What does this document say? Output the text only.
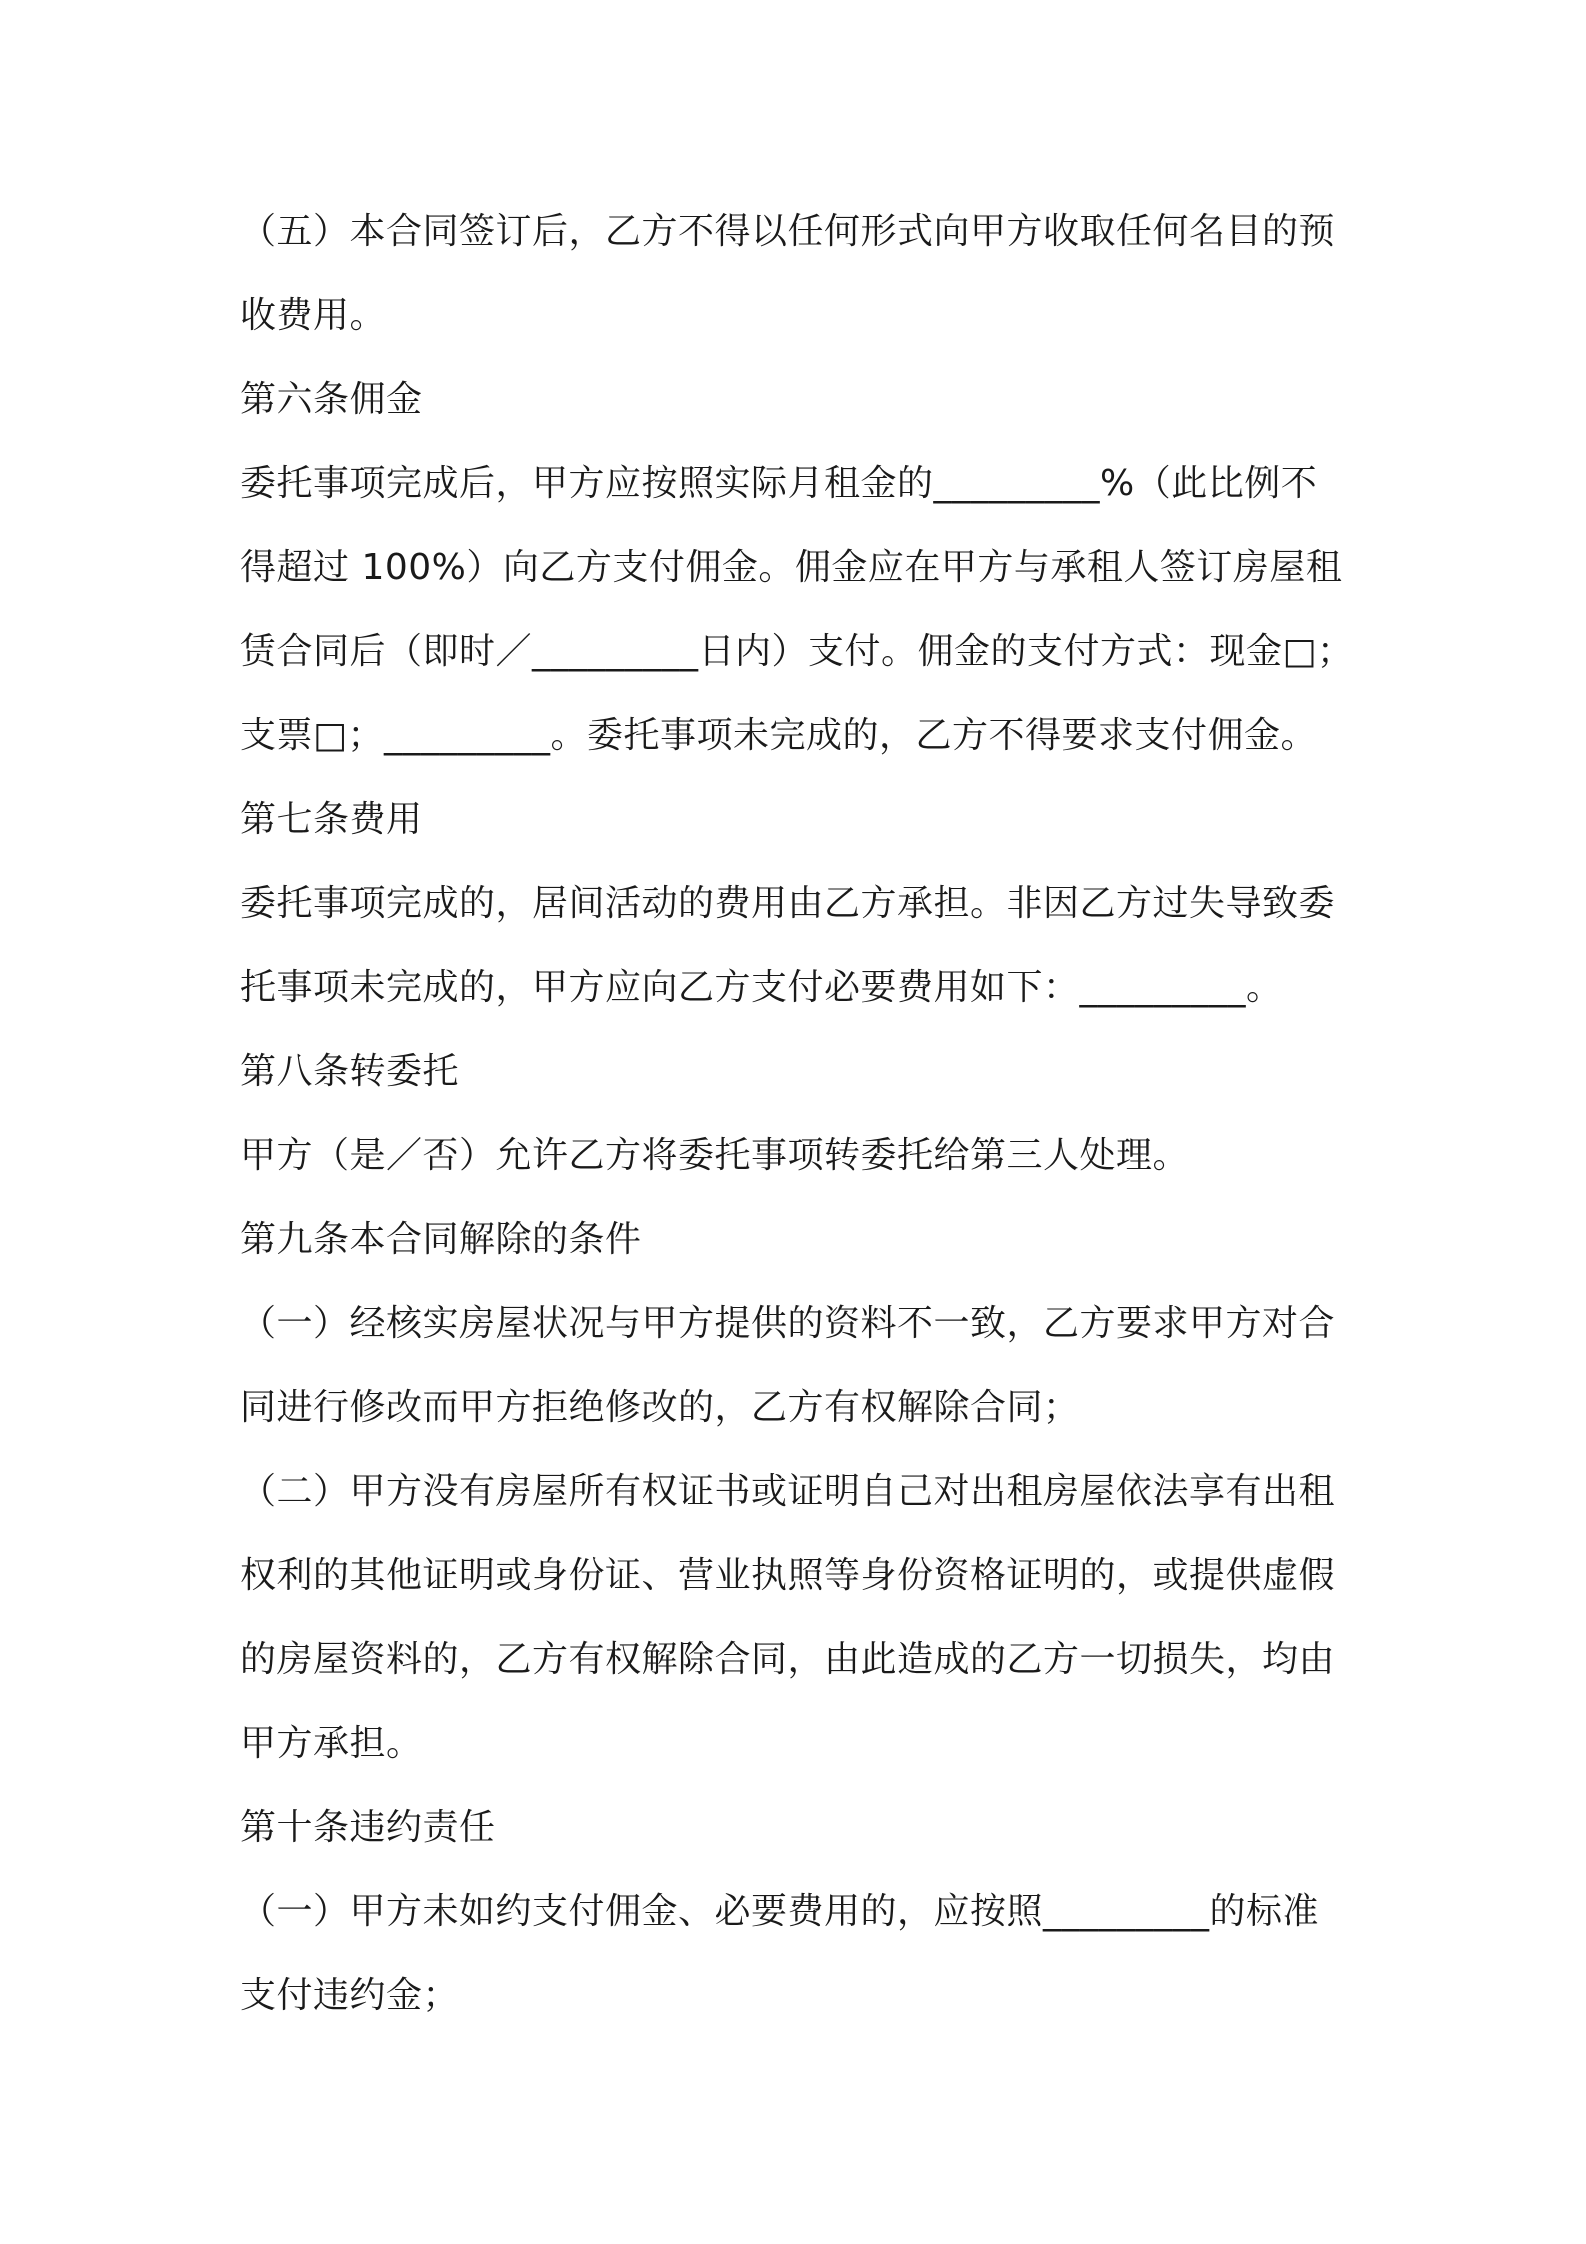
（五）本合同签订后，乙方不得以任何形式向甲方收取任何名目的预
收费用。
第六条佣金
委托事项完成后，甲方应按照实际月租金的_________%（此比例不
得超过 100%）向乙方支付佣金。佣金应在甲方与承租人签订房屋租
赁合同后（即时／_________日内）支付。佣金的支付方式：现金□；
支票□；_________。委托事项未完成的，乙方不得要求支付佣金。
第七条费用
委托事项完成的，居间活动的费用由乙方承担。非因乙方过失导致委
托事项未完成的，甲方应向乙方支付必要费用如下：_________。
第八条转委托
甲方（是／否）允许乙方将委托事项转委托给第三人处理。
第九条本合同解除的条件
（一）经核实房屋状况与甲方提供的资料不一致，乙方要求甲方对合
同进行修改而甲方拒绝修改的，乙方有权解除合同；
（二）甲方没有房屋所有权证书或证明自己对出租房屋依法享有出租
权利的其他证明或身份证、营业执照等身份资格证明的，或提供虚假
的房屋资料的，乙方有权解除合同，由此造成的乙方一切损失，均由
甲方承担。
第十条违约责任
（一）甲方未如约支付佣金、必要费用的，应按照_________的标准
支付违约金；
